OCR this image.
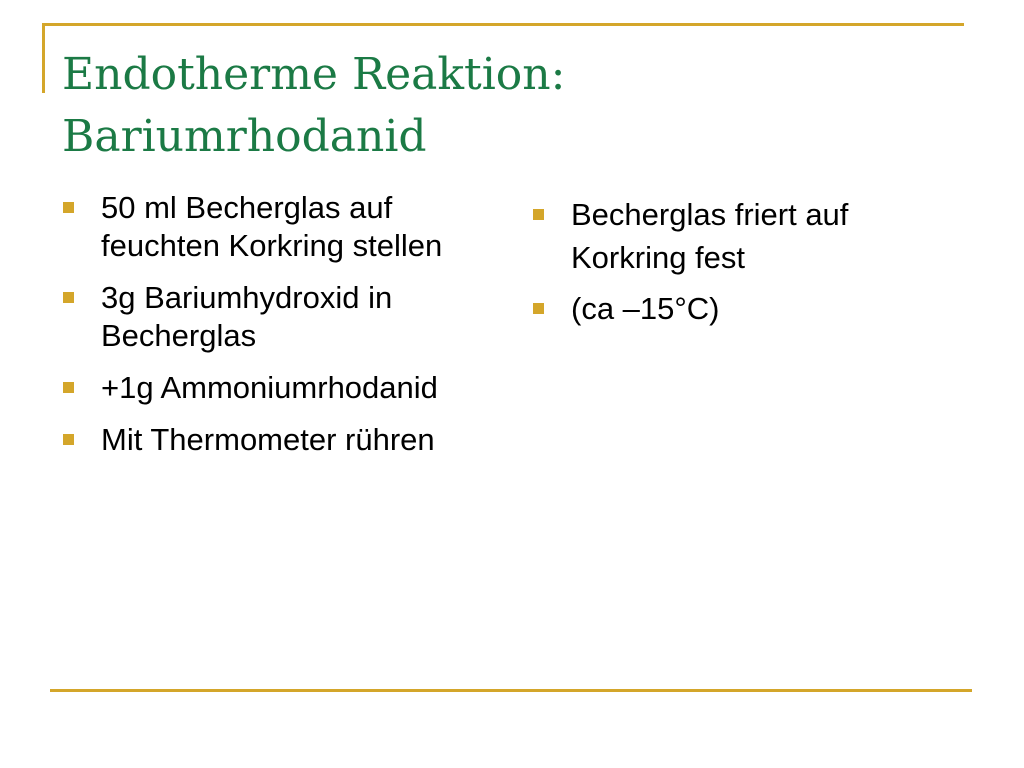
Endotherme Reaktion:
Bariumrhodanid
50 ml Becherglas auf feuchten Korkring stellen
3g Bariumhydroxid in Becherglas
+1g Ammoniumrhodanid
Mit Thermometer rühren
Becherglas friert auf Korkring fest
(ca –15°C)
